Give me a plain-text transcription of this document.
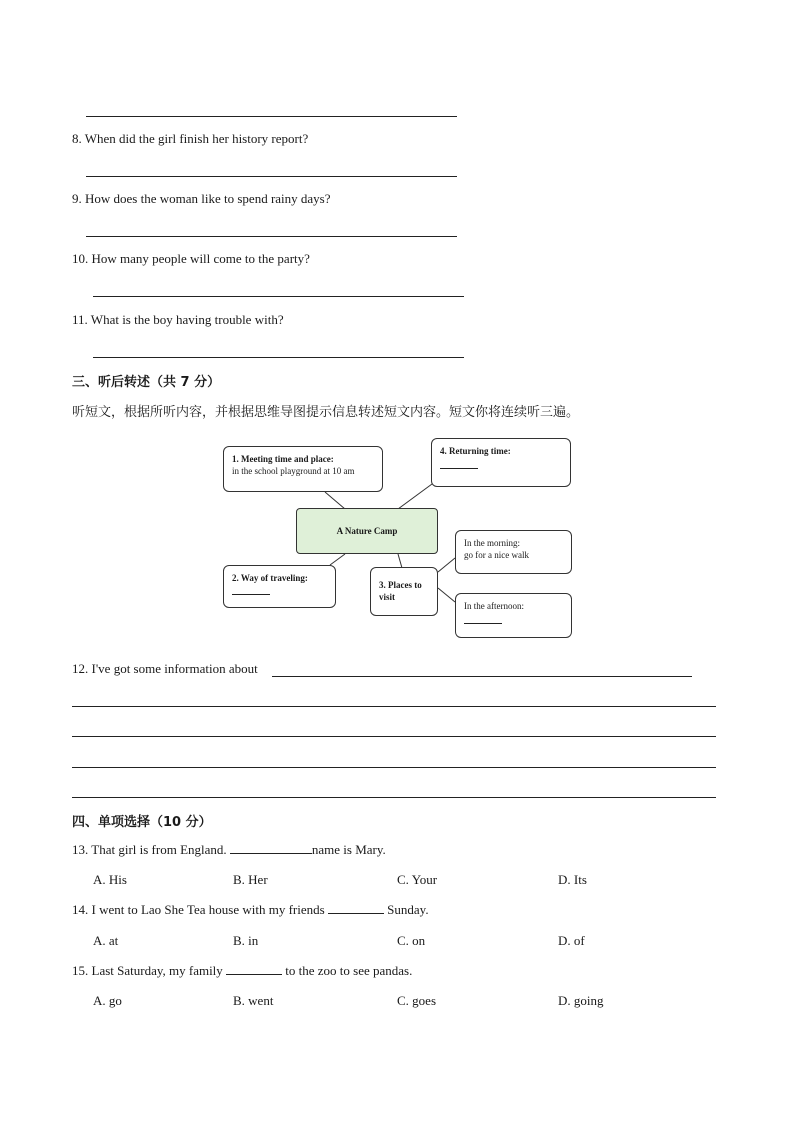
8. When did the girl finish her history report?
9. How does the woman like to spend rainy days?
10. How many people will come to the party?
11. What is the boy having trouble with?
三、听后转述（共 7 分）
听短文，根据所听内容，并根据思维导图提示信息转述短文内容。短文你将连续听三遍。
1. Meeting time and place:
in the school playground at 10 am
4. Returning time:

A Nature Camp
In the morning:
go for a nice walk
2. Way of traveling:

3. Places to visit
In the afternoon:

12. I've got some information about
四、单项选择（10 分）
13. That girl is from England.	name is Mary.
A. His	B. Her	C. Your	D. Its
14. I went to Lao She Tea house with my friends	Sunday.
A. at	B. in	C. on	D. of
15. Last Saturday, my family	to the zoo to see pandas.
A. go	B. went	C. goes	D. going
